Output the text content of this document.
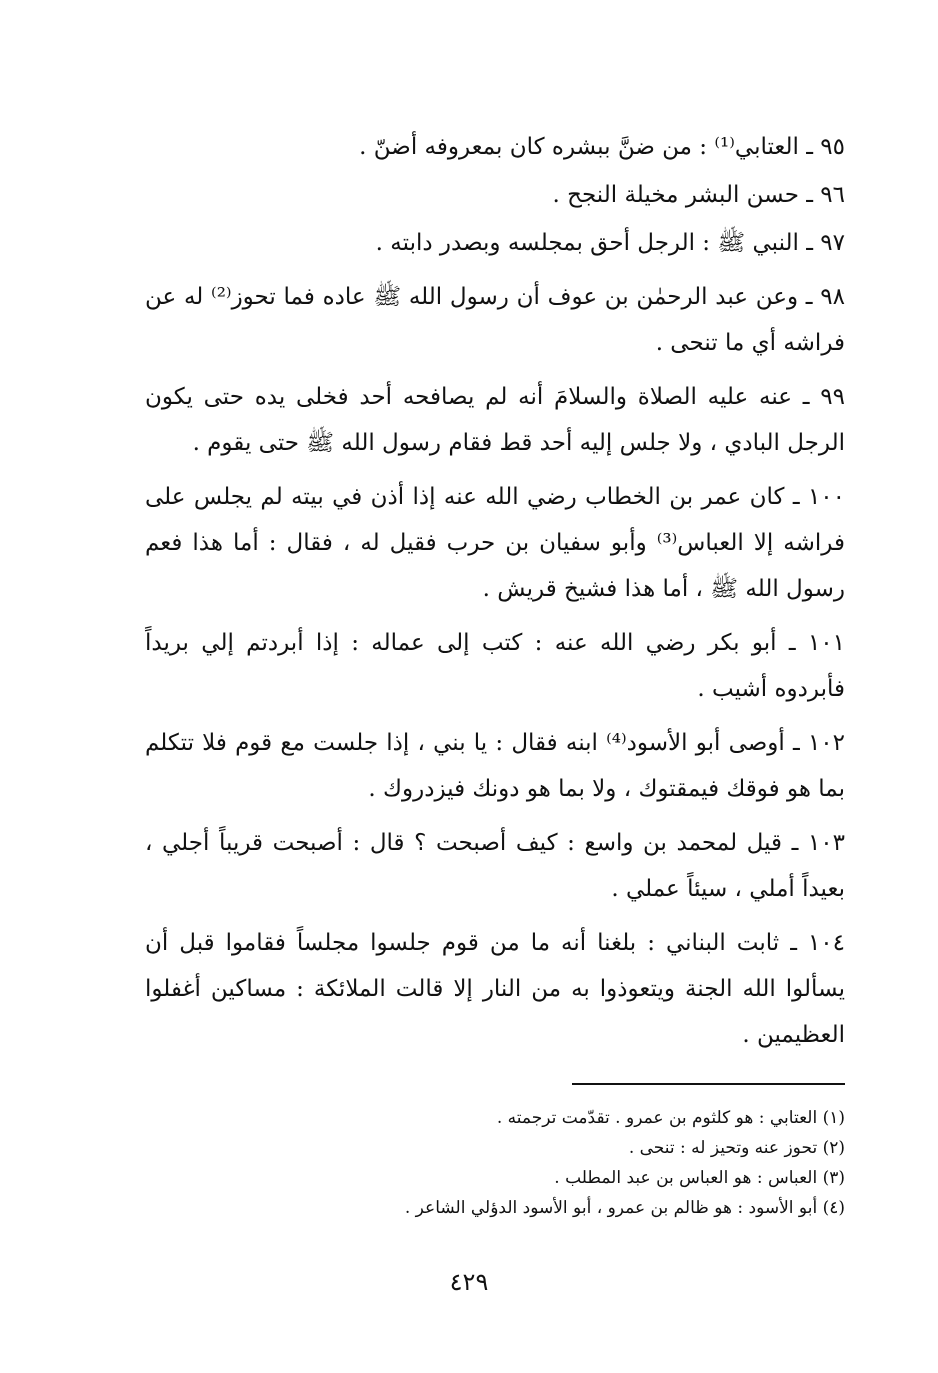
٩٥ ـ العتابي⁽¹⁾ : من ضنَّ ببشره كان بمعروفه أضنّ .

٩٦ ـ حسن البشر مخيلة النجح .

٩٧ ـ النبي ﷺ : الرجل أحق بمجلسه وبصدر دابته .

٩٨ ـ وعن عبد الرحمٰن بن عوف أن رسول الله ﷺ عاده فما تحوز⁽²⁾ له عن فراشه أي ما تنحى .

٩٩ ـ عنه عليه الصلاة والسلامَ أنه لم يصافحه أحد فخلى يده حتى يكون الرجل البادي ، ولا جلس إليه أحد قط فقام رسول الله ﷺ حتى يقوم .

١٠٠ ـ كان عمر بن الخطاب رضي الله عنه إذا أذن في بيته لم يجلس على فراشه إلا العباس⁽³⁾ وأبو سفيان بن حرب فقيل له ، فقال : أما هذا فعم رسول الله ﷺ ، أما هذا فشيخ قريش .

١٠١ ـ أبو بكر رضي الله عنه : كتب إلى عماله : إذا أبردتم إلي بريداً فأبردوه أشيب .

١٠٢ ـ أوصى أبو الأسود⁽⁴⁾ ابنه فقال : يا بني ، إذا جلست مع قوم فلا تتكلم بما هو فوقك فيمقتوك ، ولا بما هو دونك فيزدروك .

١٠٣ ـ قيل لمحمد بن واسع : كيف أصبحت ؟ قال : أصبحت قريباً أجلي ، بعيداً أملي ، سيئاً عملي .

١٠٤ ـ ثابت البناني : بلغنا أنه ما من قوم جلسوا مجلساً فقاموا قبل أن يسألوا الله الجنة ويتعوذوا به من النار إلا قالت الملائكة : مساكين أغفلوا العظيمين .

(١) العتابي : هو كلثوم بن عمرو . تقدّمت ترجمته .

(٢) تحوز عنه وتحيز له : تنحى .

(٣) العباس : هو العباس بن عبد المطلب .

(٤) أبو الأسود : هو ظالم بن عمرو ، أبو الأسود الدؤلي الشاعر .

٤٢٩
